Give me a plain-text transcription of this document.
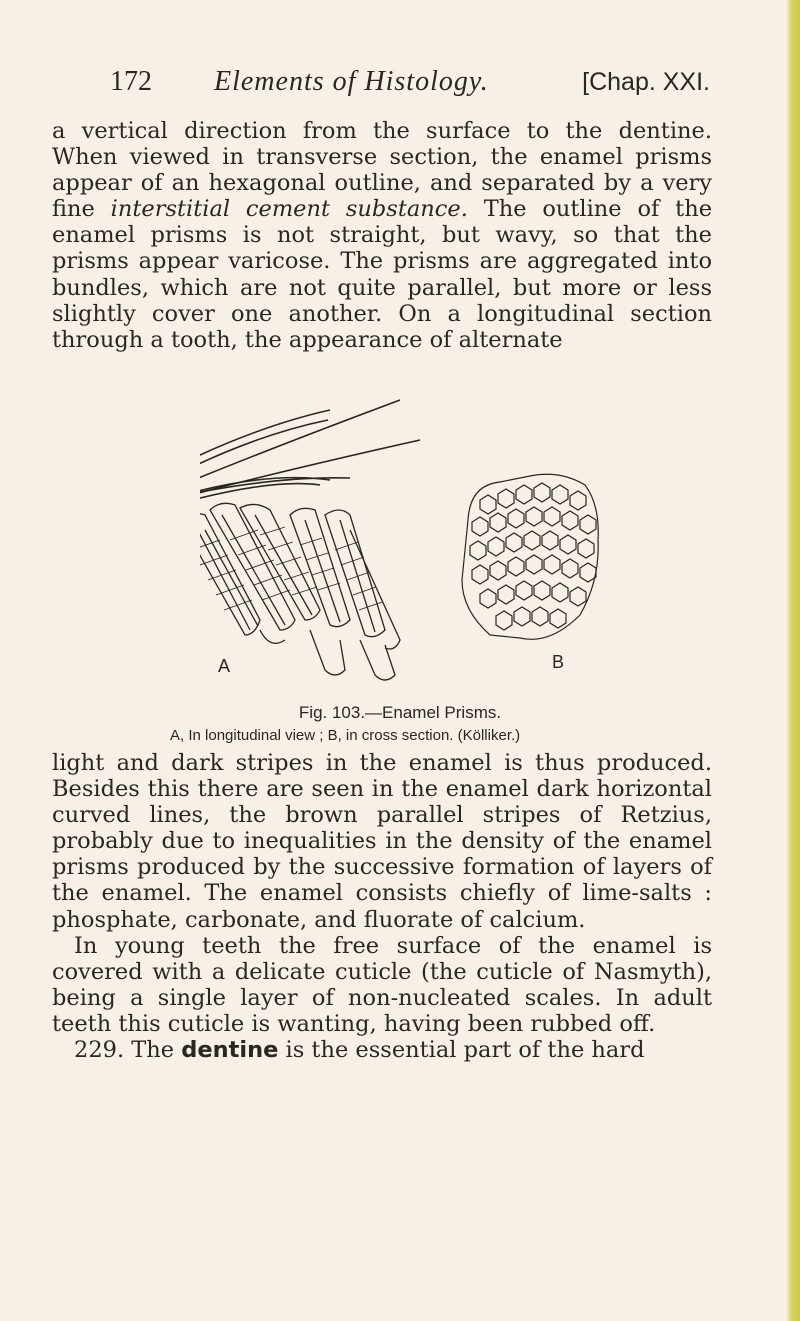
172 Elements of Histology.	[Chap. XXI.

a vertical direction from the surface to the dentine. When viewed in transverse section, the enamel prisms appear of an hexagonal outline, and separated by a very fine interstitial cement substance. The outline of the enamel prisms is not straight, but wavy, so that the prisms appear varicose. The prisms are aggregated into bundles, which are not quite parallel, but more or less slightly cover one another. On a longitudinal section through a tooth, the appearance of alternate

A	B
Fig. 103.—Enamel Prisms.
A, In longitudinal view ; B, in cross section. (Kölliker.)

light and dark stripes in the enamel is thus produced. Besides this there are seen in the enamel dark horizontal curved lines, the brown parallel stripes of Retzius, probably due to inequalities in the density of the enamel prisms produced by the successive formation of layers of the enamel. The enamel consists chiefly of lime-salts : phosphate, carbonate, and fluorate of calcium.

In young teeth the free surface of the enamel is covered with a delicate cuticle (the cuticle of Nasmyth), being a single layer of non-nucleated scales. In adult teeth this cuticle is wanting, having been rubbed off.

229. The dentine is the essential part of the hard
